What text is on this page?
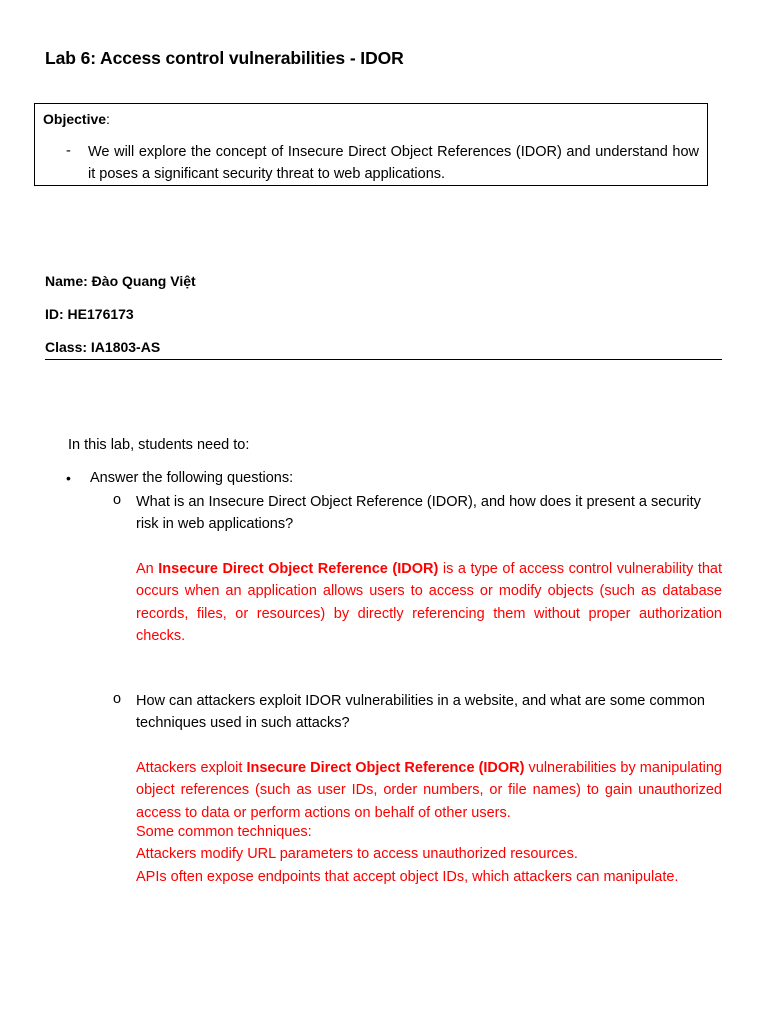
Lab 6: Access control vulnerabilities - IDOR
Objective:
- We will explore the concept of Insecure Direct Object References (IDOR) and understand how it poses a significant security threat to web applications.
Name: Đào Quang Việt
ID: HE176173
Class: IA1803-AS
In this lab, students need to:
• Answer the following questions:
o What is an Insecure Direct Object Reference (IDOR), and how does it present a security risk in web applications?
An Insecure Direct Object Reference (IDOR) is a type of access control vulnerability that occurs when an application allows users to access or modify objects (such as database records, files, or resources) by directly referencing them without proper authorization checks.
o How can attackers exploit IDOR vulnerabilities in a website, and what are some common techniques used in such attacks?
Attackers exploit Insecure Direct Object Reference (IDOR) vulnerabilities by manipulating object references (such as user IDs, order numbers, or file names) to gain unauthorized access to data or perform actions on behalf of other users.
Some common techniques:
Attackers modify URL parameters to access unauthorized resources.
APIs often expose endpoints that accept object IDs, which attackers can manipulate.
